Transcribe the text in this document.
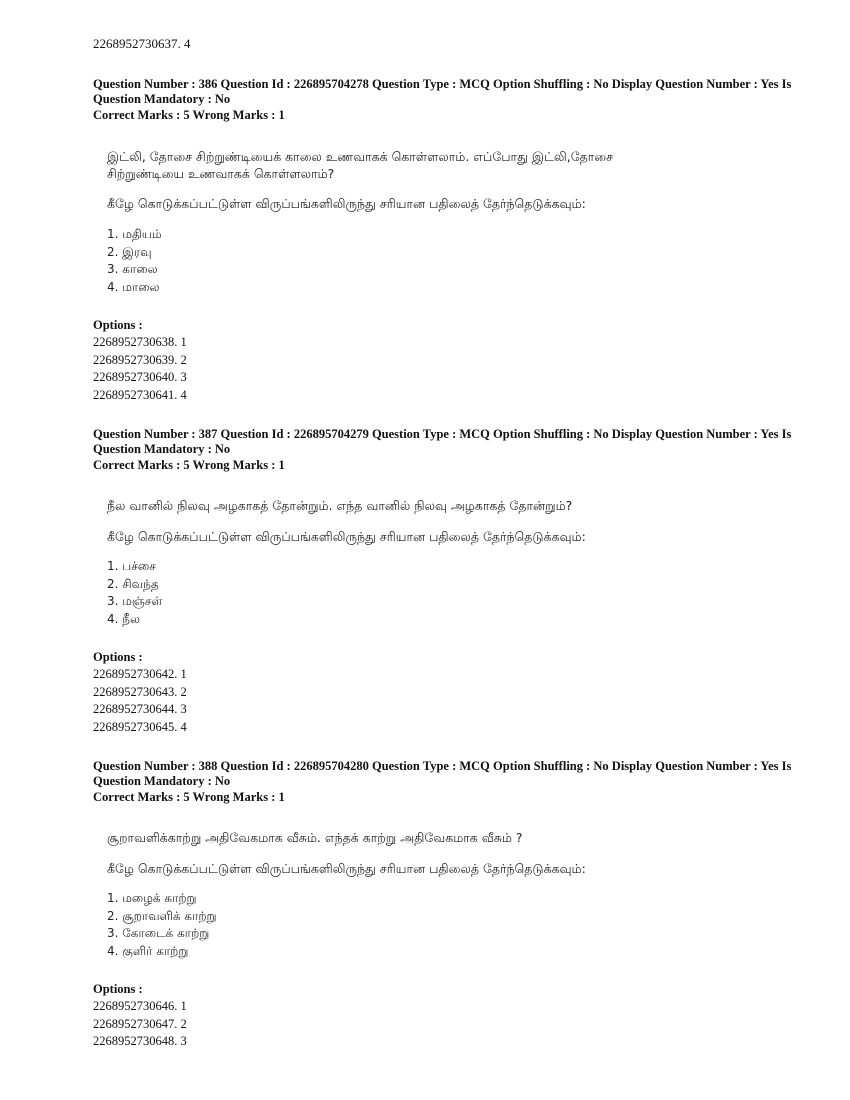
2268952730637. 4
Question Number : 386 Question Id : 226895704278 Question Type : MCQ Option Shuffling : No Display Question Number : Yes Is
Question Mandatory : No
Correct Marks : 5 Wrong Marks : 1
இட்லி, தோசை சிற்றுண்டியைக் காலை உணவாகக் கொள்ளலாம். எப்போது இட்லி,தோசை
சிற்றுண்டியை உணவாகக் கொள்ளலாம்?
கீழே கொடுக்கப்பட்டுள்ள விருப்பங்களிலிருந்து சரியான பதிலைத் தேர்ந்தெடுக்கவும்:
1. மதியம்
2. இரவு
3. காலை
4. மாலை
Options :
2268952730638. 1
2268952730639. 2
2268952730640. 3
2268952730641. 4
Question Number : 387 Question Id : 226895704279 Question Type : MCQ Option Shuffling : No Display Question Number : Yes Is
Question Mandatory : No
Correct Marks : 5 Wrong Marks : 1
நீல வானில் நிலவு அழகாகத் தோன்றும். எந்த வானில் நிலவு அழகாகத் தோன்றும்?
கீழே கொடுக்கப்பட்டுள்ள விருப்பங்களிலிருந்து சரியான பதிலைத் தேர்ந்தெடுக்கவும்:
1. பச்சை
2. சிவந்த
3. மஞ்சள்
4. நீல
Options :
2268952730642. 1
2268952730643. 2
2268952730644. 3
2268952730645. 4
Question Number : 388 Question Id : 226895704280 Question Type : MCQ Option Shuffling : No Display Question Number : Yes Is
Question Mandatory : No
Correct Marks : 5 Wrong Marks : 1
சூறாவளிக்காற்று அதிவேகமாக வீசும். எந்தக் காற்று அதிவேகமாக வீசும் ?
கீழே கொடுக்கப்பட்டுள்ள விருப்பங்களிலிருந்து சரியான பதிலைத் தேர்ந்தெடுக்கவும்:
1. மழைக் காற்று
2. சூறாவளிக் காற்று
3. கோடைக் காற்று
4. குளிர் காற்று
Options :
2268952730646. 1
2268952730647. 2
2268952730648. 3
